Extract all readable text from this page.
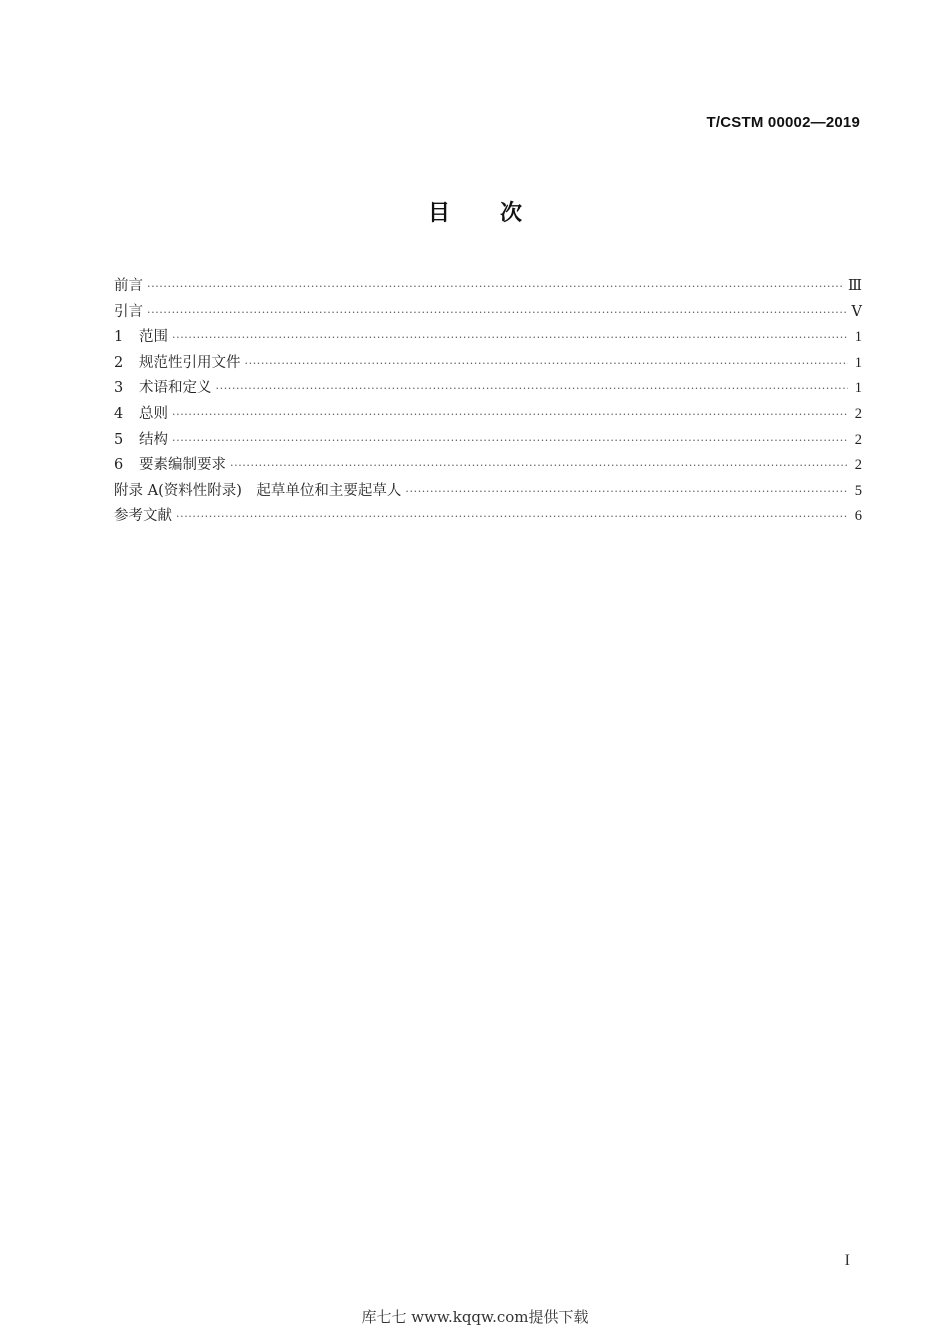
T/CSTM 00002—2019
目 次
前言 ·····	Ⅲ
引言 ·····	Ⅴ
1	范围 ·····	1
2	规范性引用文件 ·····	1
3	术语和定义 ·····	1
4	总则 ·····	2
5	结构 ·····	2
6	要素编制要求 ·····	2
附录 A(资料性附录)　起草单位和主要起草人 ·····	5
参考文献 ·····	6
I
库七七 www.kqqw.com提供下载
